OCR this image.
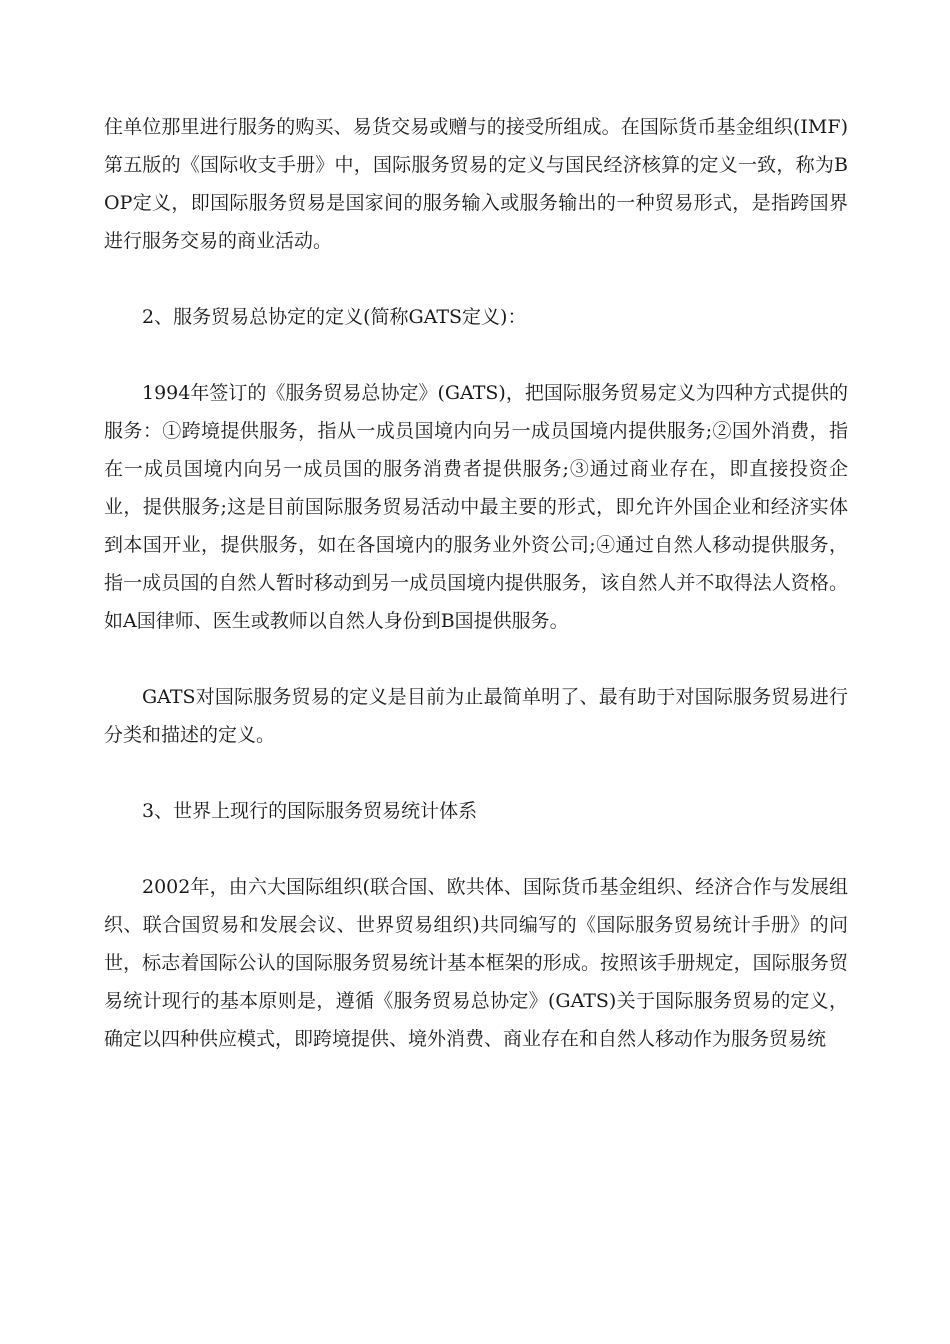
住单位那里进行服务的购买、易货交易或赠与的接受所组成。在国际货币基金组织(IMF)第五版的《国际收支手册》中，国际服务贸易的定义与国民经济核算的定义一致，称为BOP定义，即国际服务贸易是国家间的服务输入或服务输出的一种贸易形式，是指跨国界进行服务交易的商业活动。

2、服务贸易总协定的定义(简称GATS定义)：

1994年签订的《服务贸易总协定》(GATS)，把国际服务贸易定义为四种方式提供的服务：①跨境提供服务，指从一成员国境内向另一成员国境内提供服务;②国外消费，指在一成员国境内向另一成员国的服务消费者提供服务;③通过商业存在，即直接投资企业，提供服务;这是目前国际服务贸易活动中最主要的形式，即允许外国企业和经济实体到本国开业，提供服务，如在各国境内的服务业外资公司;④通过自然人移动提供服务，指一成员国的自然人暂时移动到另一成员国境内提供服务，该自然人并不取得法人资格。如A国律师、医生或教师以自然人身份到B国提供服务。

GATS对国际服务贸易的定义是目前为止最简单明了、最有助于对国际服务贸易进行分类和描述的定义。

3、世界上现行的国际服务贸易统计体系

2002年，由六大国际组织(联合国、欧共体、国际货币基金组织、经济合作与发展组织、联合国贸易和发展会议、世界贸易组织)共同编写的《国际服务贸易统计手册》的问世，标志着国际公认的国际服务贸易统计基本框架的形成。按照该手册规定，国际服务贸易统计现行的基本原则是，遵循《服务贸易总协定》(GATS)关于国际服务贸易的定义，确定以四种供应模式，即跨境提供、境外消费、商业存在和自然人移动作为服务贸易统
